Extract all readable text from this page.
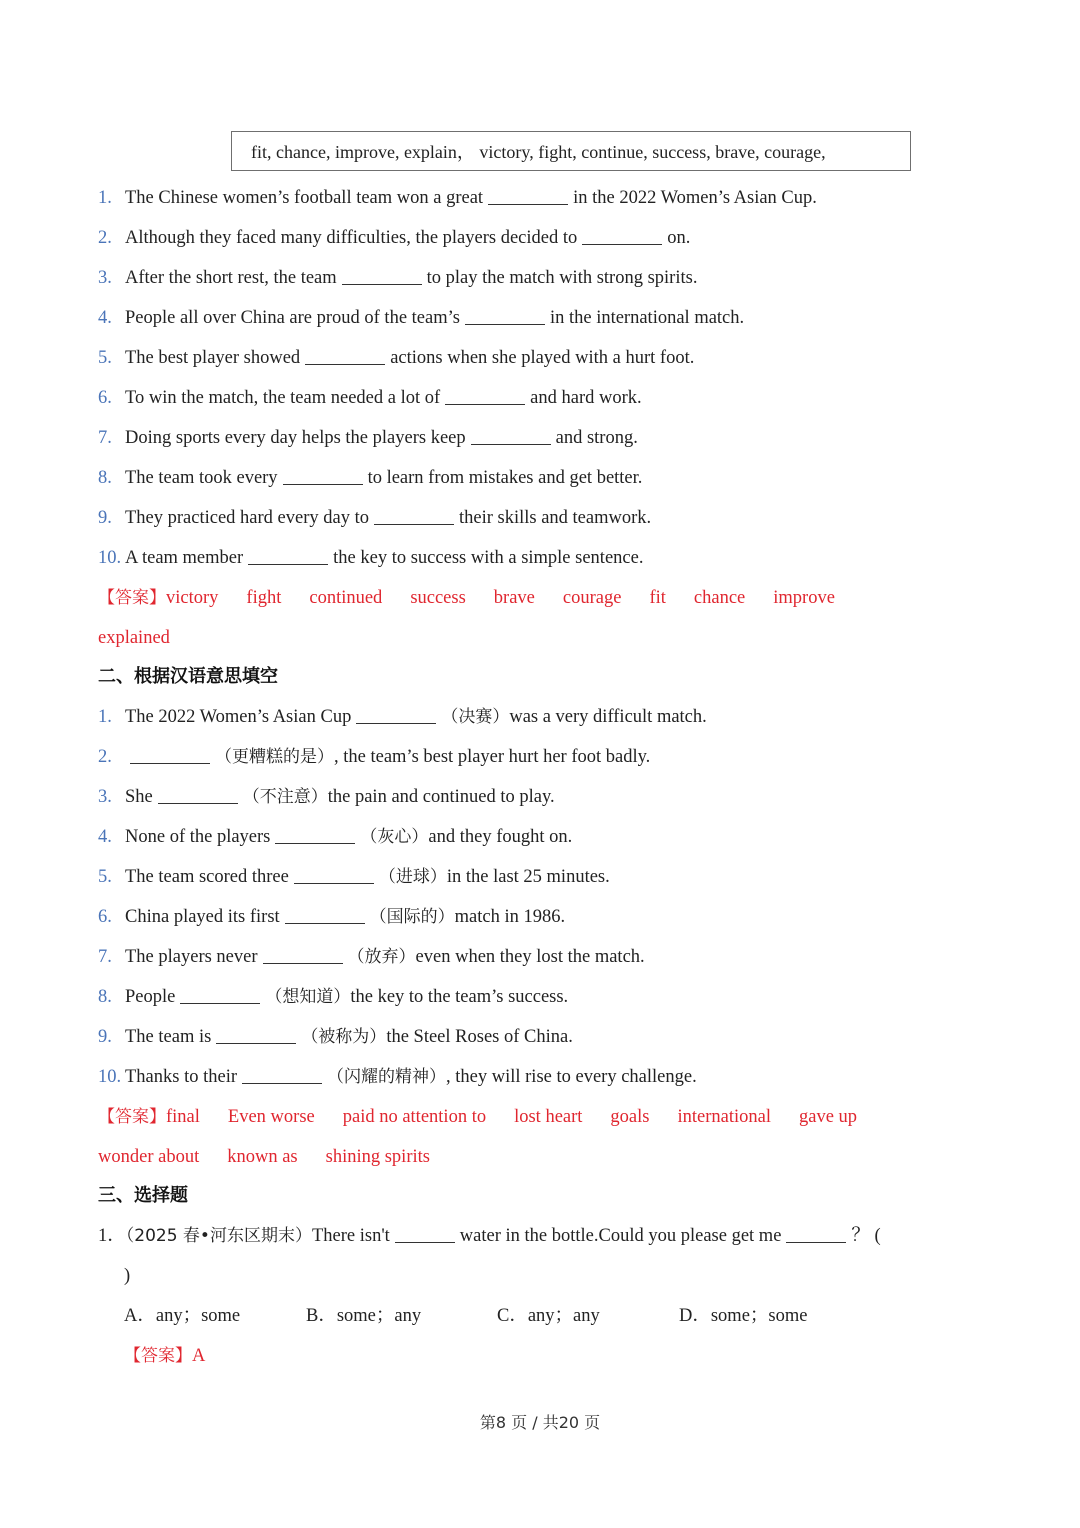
fit, chance, improve, explain， victory, fight, continue, success, brave, courage,
第8 页 / 共20 页
1. The Chinese women’s football team won a great	in the 2022 Women’s Asian Cup.
2. Although they faced many difficulties, the players decided to	on.
3. After the short rest, the team	to play the match with strong spirits.
4. People all over China are proud of the team’s	in the international match.
5. The best player showed	actions when she played with a hurt foot.
6. To win the match, the team needed a lot of	and hard work.
7. Doing sports every day helps the players keep	and strong.
8. The team took every	to learn from mistakes and get better.
9. They practiced hard every day to	their skills and teamwork.
10. A team member	the key to success with a simple sentence.
【答案】victory fight continued success brave courage fit chance improve
explained
二、根据汉语意思填空
1. The 2022 Women’s Asian Cup	（决赛）was a very difficult match.
2.	（更糟糕的是）, the team’s best player hurt her foot badly.
3. She	（不注意）the pain and continued to play.
4. None of the players	（灰心）and they fought on.
5. The team scored three	（进球）in the last 25 minutes.
6. China played its first	（国际的）match in 1986.
7. The players never	（放弃）even when they lost the match.
8. People	（想知道）the key to the team’s success.
9. The team is	（被称为）the Steel Roses of China.
10. Thanks to their	（闪耀的精神）, they will rise to every challenge.
【答案】final Even worse paid no attention to lost heart goals international gave up
wonder about known as shining spirits
三、选择题
1．（2025 春•河东区期末）There isn't	water in the bottle.Could you please get me	？ (
)
A．any；some	B．some；any	C．any；any	D．some；some
【答案】A
